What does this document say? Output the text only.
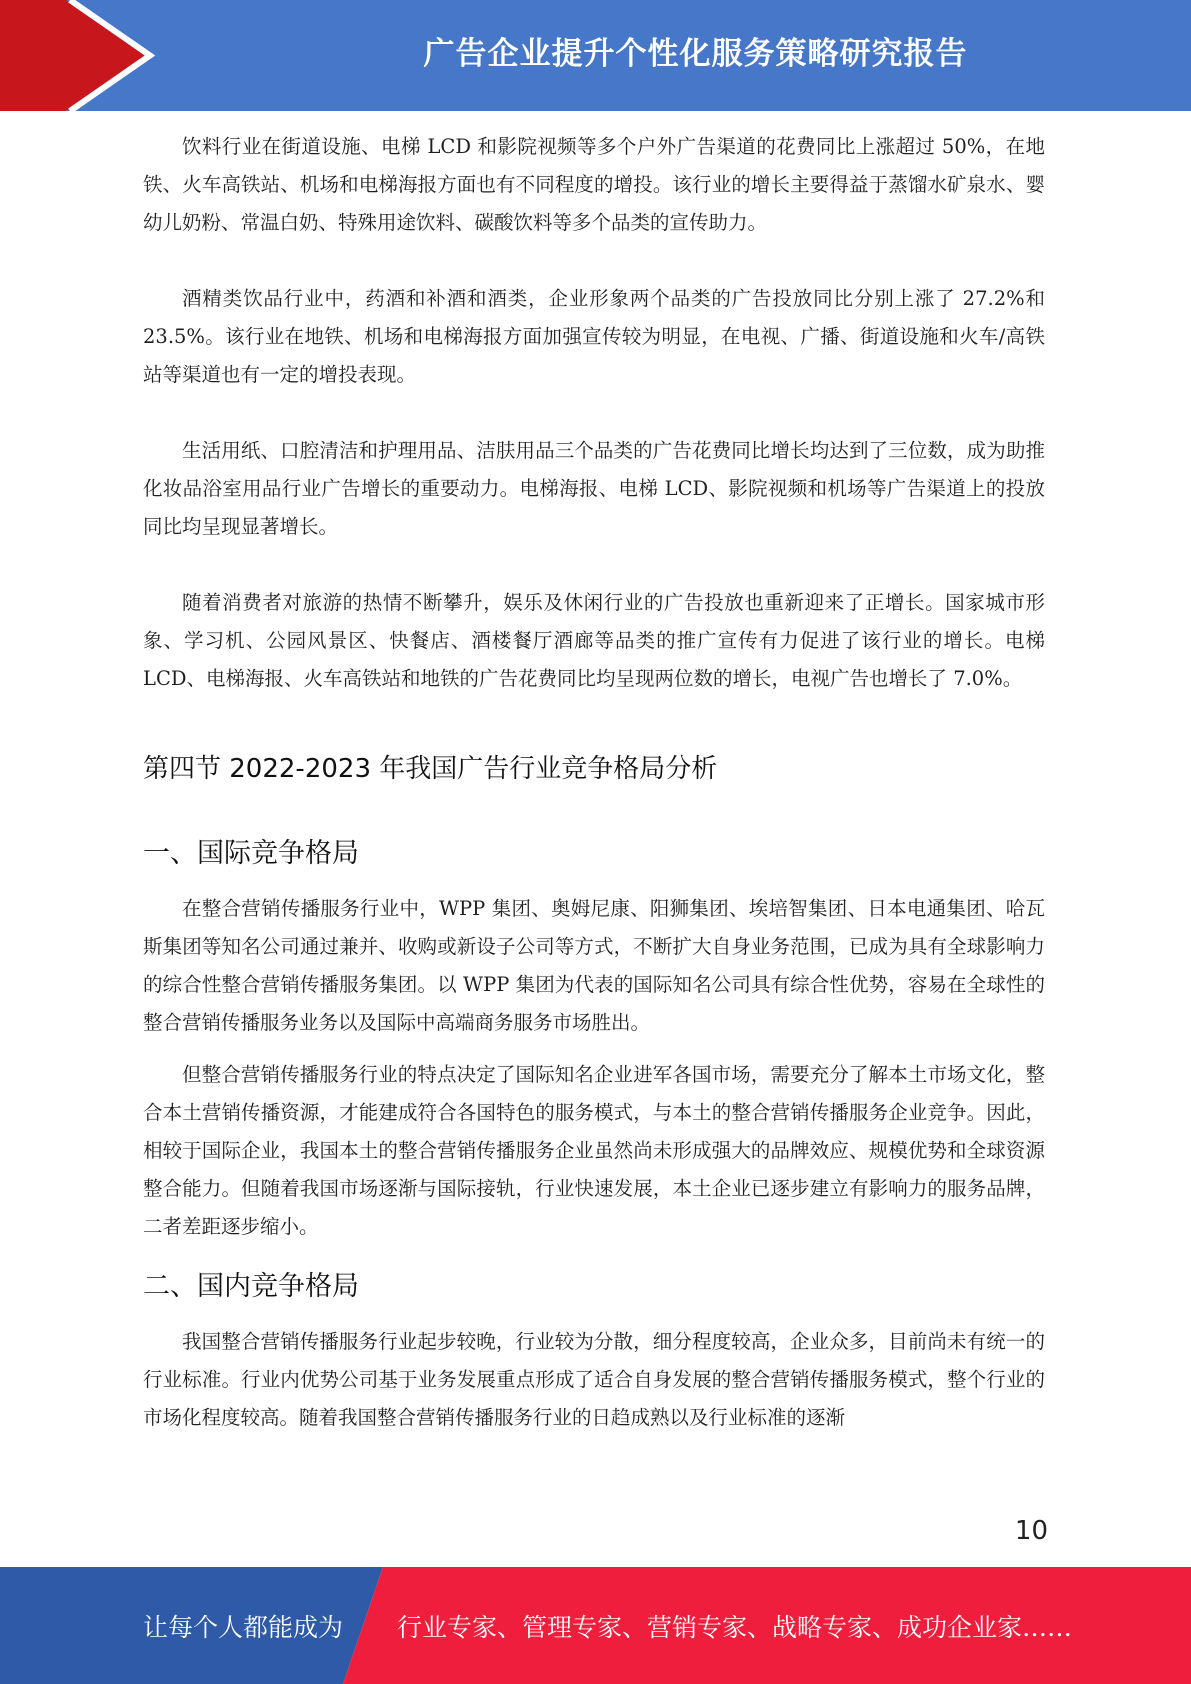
广告企业提升个性化服务策略研究报告

饮料行业在街道设施、电梯 LCD 和影院视频等多个户外广告渠道的花费同比上涨超过 50%，在地铁、火车高铁站、机场和电梯海报方面也有不同程度的增投。该行业的增长主要得益于蒸馏水矿泉水、婴幼儿奶粉、常温白奶、特殊用途饮料、碳酸饮料等多个品类的宣传助力。

酒精类饮品行业中，药酒和补酒和酒类，企业形象两个品类的广告投放同比分别上涨了 27.2%和 23.5%。该行业在地铁、机场和电梯海报方面加强宣传较为明显，在电视、广播、街道设施和火车/高铁站等渠道也有一定的增投表现。

生活用纸、口腔清洁和护理用品、洁肤用品三个品类的广告花费同比增长均达到了三位数，成为助推化妆品浴室用品行业广告增长的重要动力。电梯海报、电梯 LCD、影院视频和机场等广告渠道上的投放同比均呈现显著增长。

随着消费者对旅游的热情不断攀升，娱乐及休闲行业的广告投放也重新迎来了正增长。国家城市形象、学习机、公园风景区、快餐店、酒楼餐厅酒廊等品类的推广宣传有力促进了该行业的增长。电梯 LCD、电梯海报、火车高铁站和地铁的广告花费同比均呈现两位数的增长，电视广告也增长了 7.0%。

第四节 2022-2023 年我国广告行业竞争格局分析
一、国际竞争格局

在整合营销传播服务行业中，WPP 集团、奥姆尼康、阳狮集团、埃培智集团、日本电通集团、哈瓦斯集团等知名公司通过兼并、收购或新设子公司等方式，不断扩大自身业务范围，已成为具有全球影响力的综合性整合营销传播服务集团。以 WPP 集团为代表的国际知名公司具有综合性优势，容易在全球性的整合营销传播服务业务以及国际中高端商务服务市场胜出。

但整合营销传播服务行业的特点决定了国际知名企业进军各国市场，需要充分了解本土市场文化，整合本土营销传播资源，才能建成符合各国特色的服务模式，与本土的整合营销传播服务企业竞争。因此，相较于国际企业，我国本土的整合营销传播服务企业虽然尚未形成强大的品牌效应、规模优势和全球资源整合能力。但随着我国市场逐渐与国际接轨，行业快速发展，本土企业已逐步建立有影响力的服务品牌，二者差距逐步缩小。

二、国内竞争格局

我国整合营销传播服务行业起步较晚，行业较为分散，细分程度较高，企业众多，目前尚未有统一的行业标准。行业内优势公司基于业务发展重点形成了适合自身发展的整合营销传播服务模式，整个行业的市场化程度较高。随着我国整合营销传播服务行业的日趋成熟以及行业标准的逐渐

10
让每个人都能成为 行业专家、管理专家、营销专家、战略专家、成功企业家……
